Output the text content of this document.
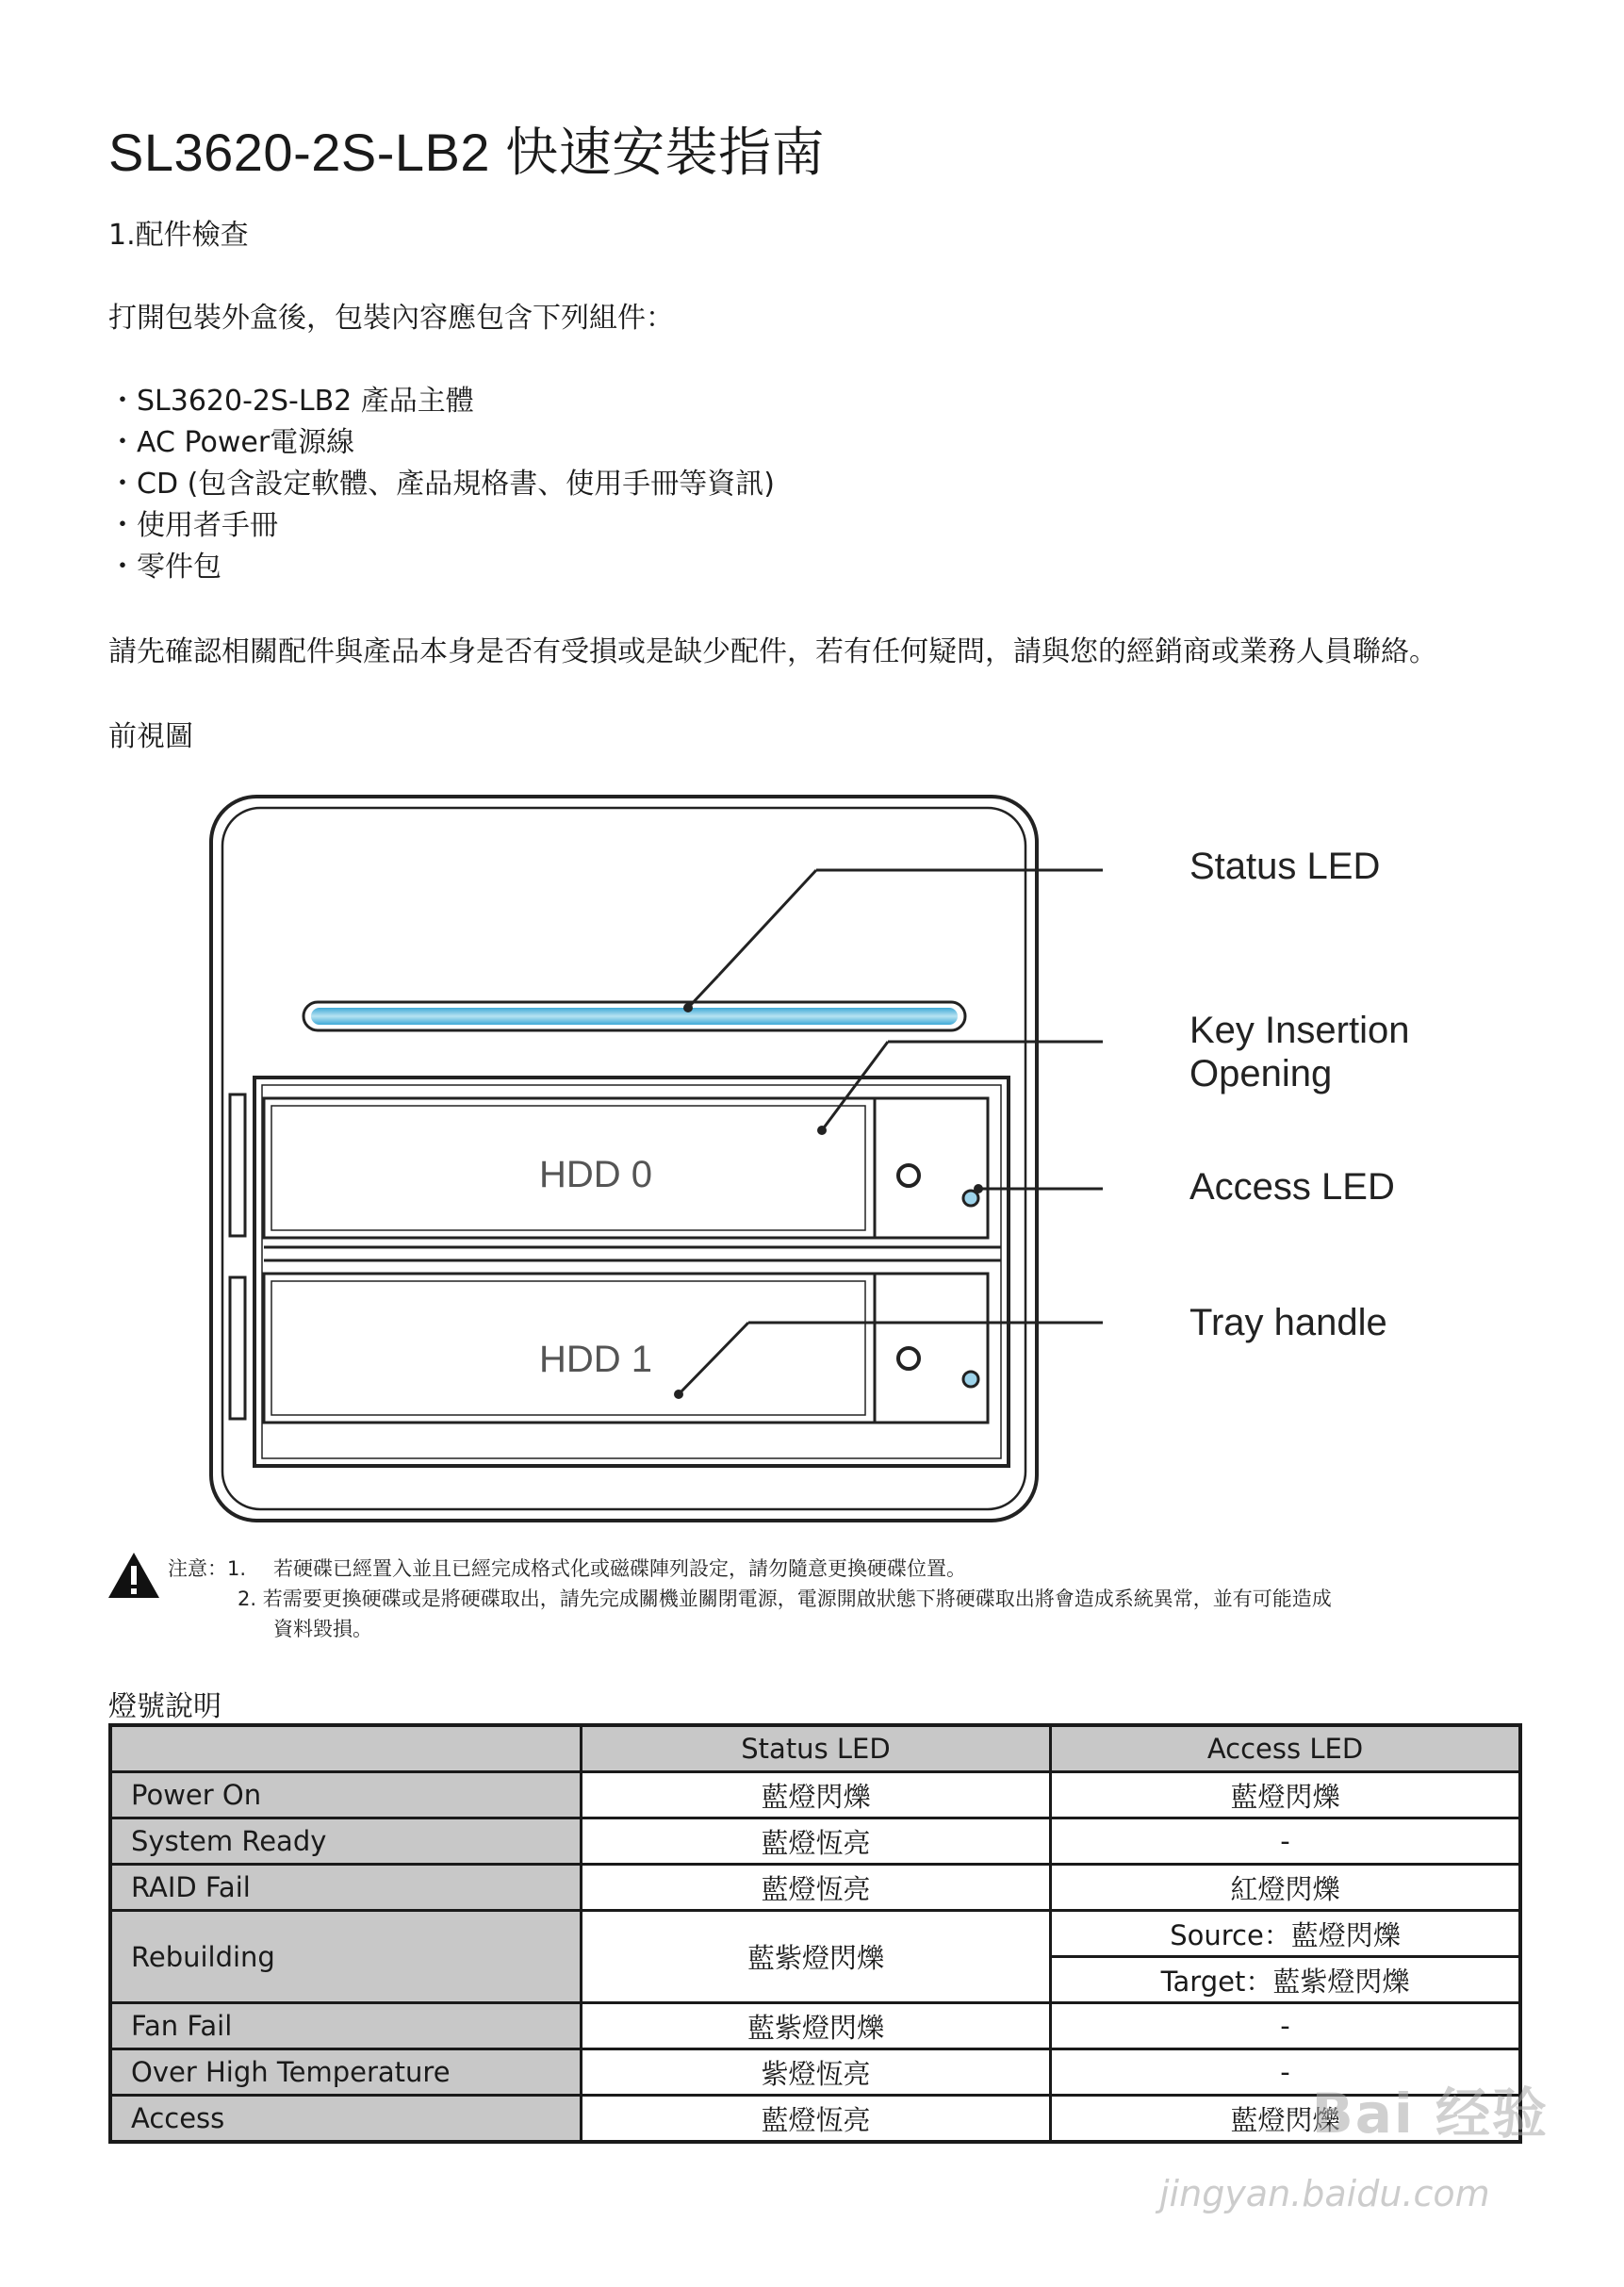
SL3620-2S-LB2 快速安裝指南
1.配件檢查
打開包裝外盒後，包裝內容應包含下列組件：
・ SL3620-2S-LB2 產品主體
・ AC Power電源線
・ CD (包含設定軟體、產品規格書、使用手冊等資訊)
・ 使用者手冊
・ 零件包
請先確認相關配件與產品本身是否有受損或是缺少配件，若有任何疑問，請與您的經銷商或業務人員聯絡。
前視圖
HDD 0
HDD 1
Status LED
Key Insertion
Opening
Access LED
Tray handle
注意：1. 若硬碟已經置入並且已經完成格式化或磁碟陣列設定，請勿隨意更換硬碟位置。
2. 若需要更換硬碟或是將硬碟取出，請先完成關機並關閉電源，電源開啟狀態下將硬碟取出將會造成系統異常，並有可能造成
資料毀損。
燈號說明
	Status LED	Access LED
Power On	藍燈閃爍	藍燈閃爍
System Ready	藍燈恆亮	-
RAID Fail	藍燈恆亮	紅燈閃爍
Rebuilding	藍紫燈閃爍	Source：藍燈閃爍
		Target：藍紫燈閃爍
Fan Fail	藍紫燈閃爍	-
Over High Temperature	紫燈恆亮	-
Access	藍燈恆亮	藍燈閃爍
Bai 经验
jingyan.baidu.com
